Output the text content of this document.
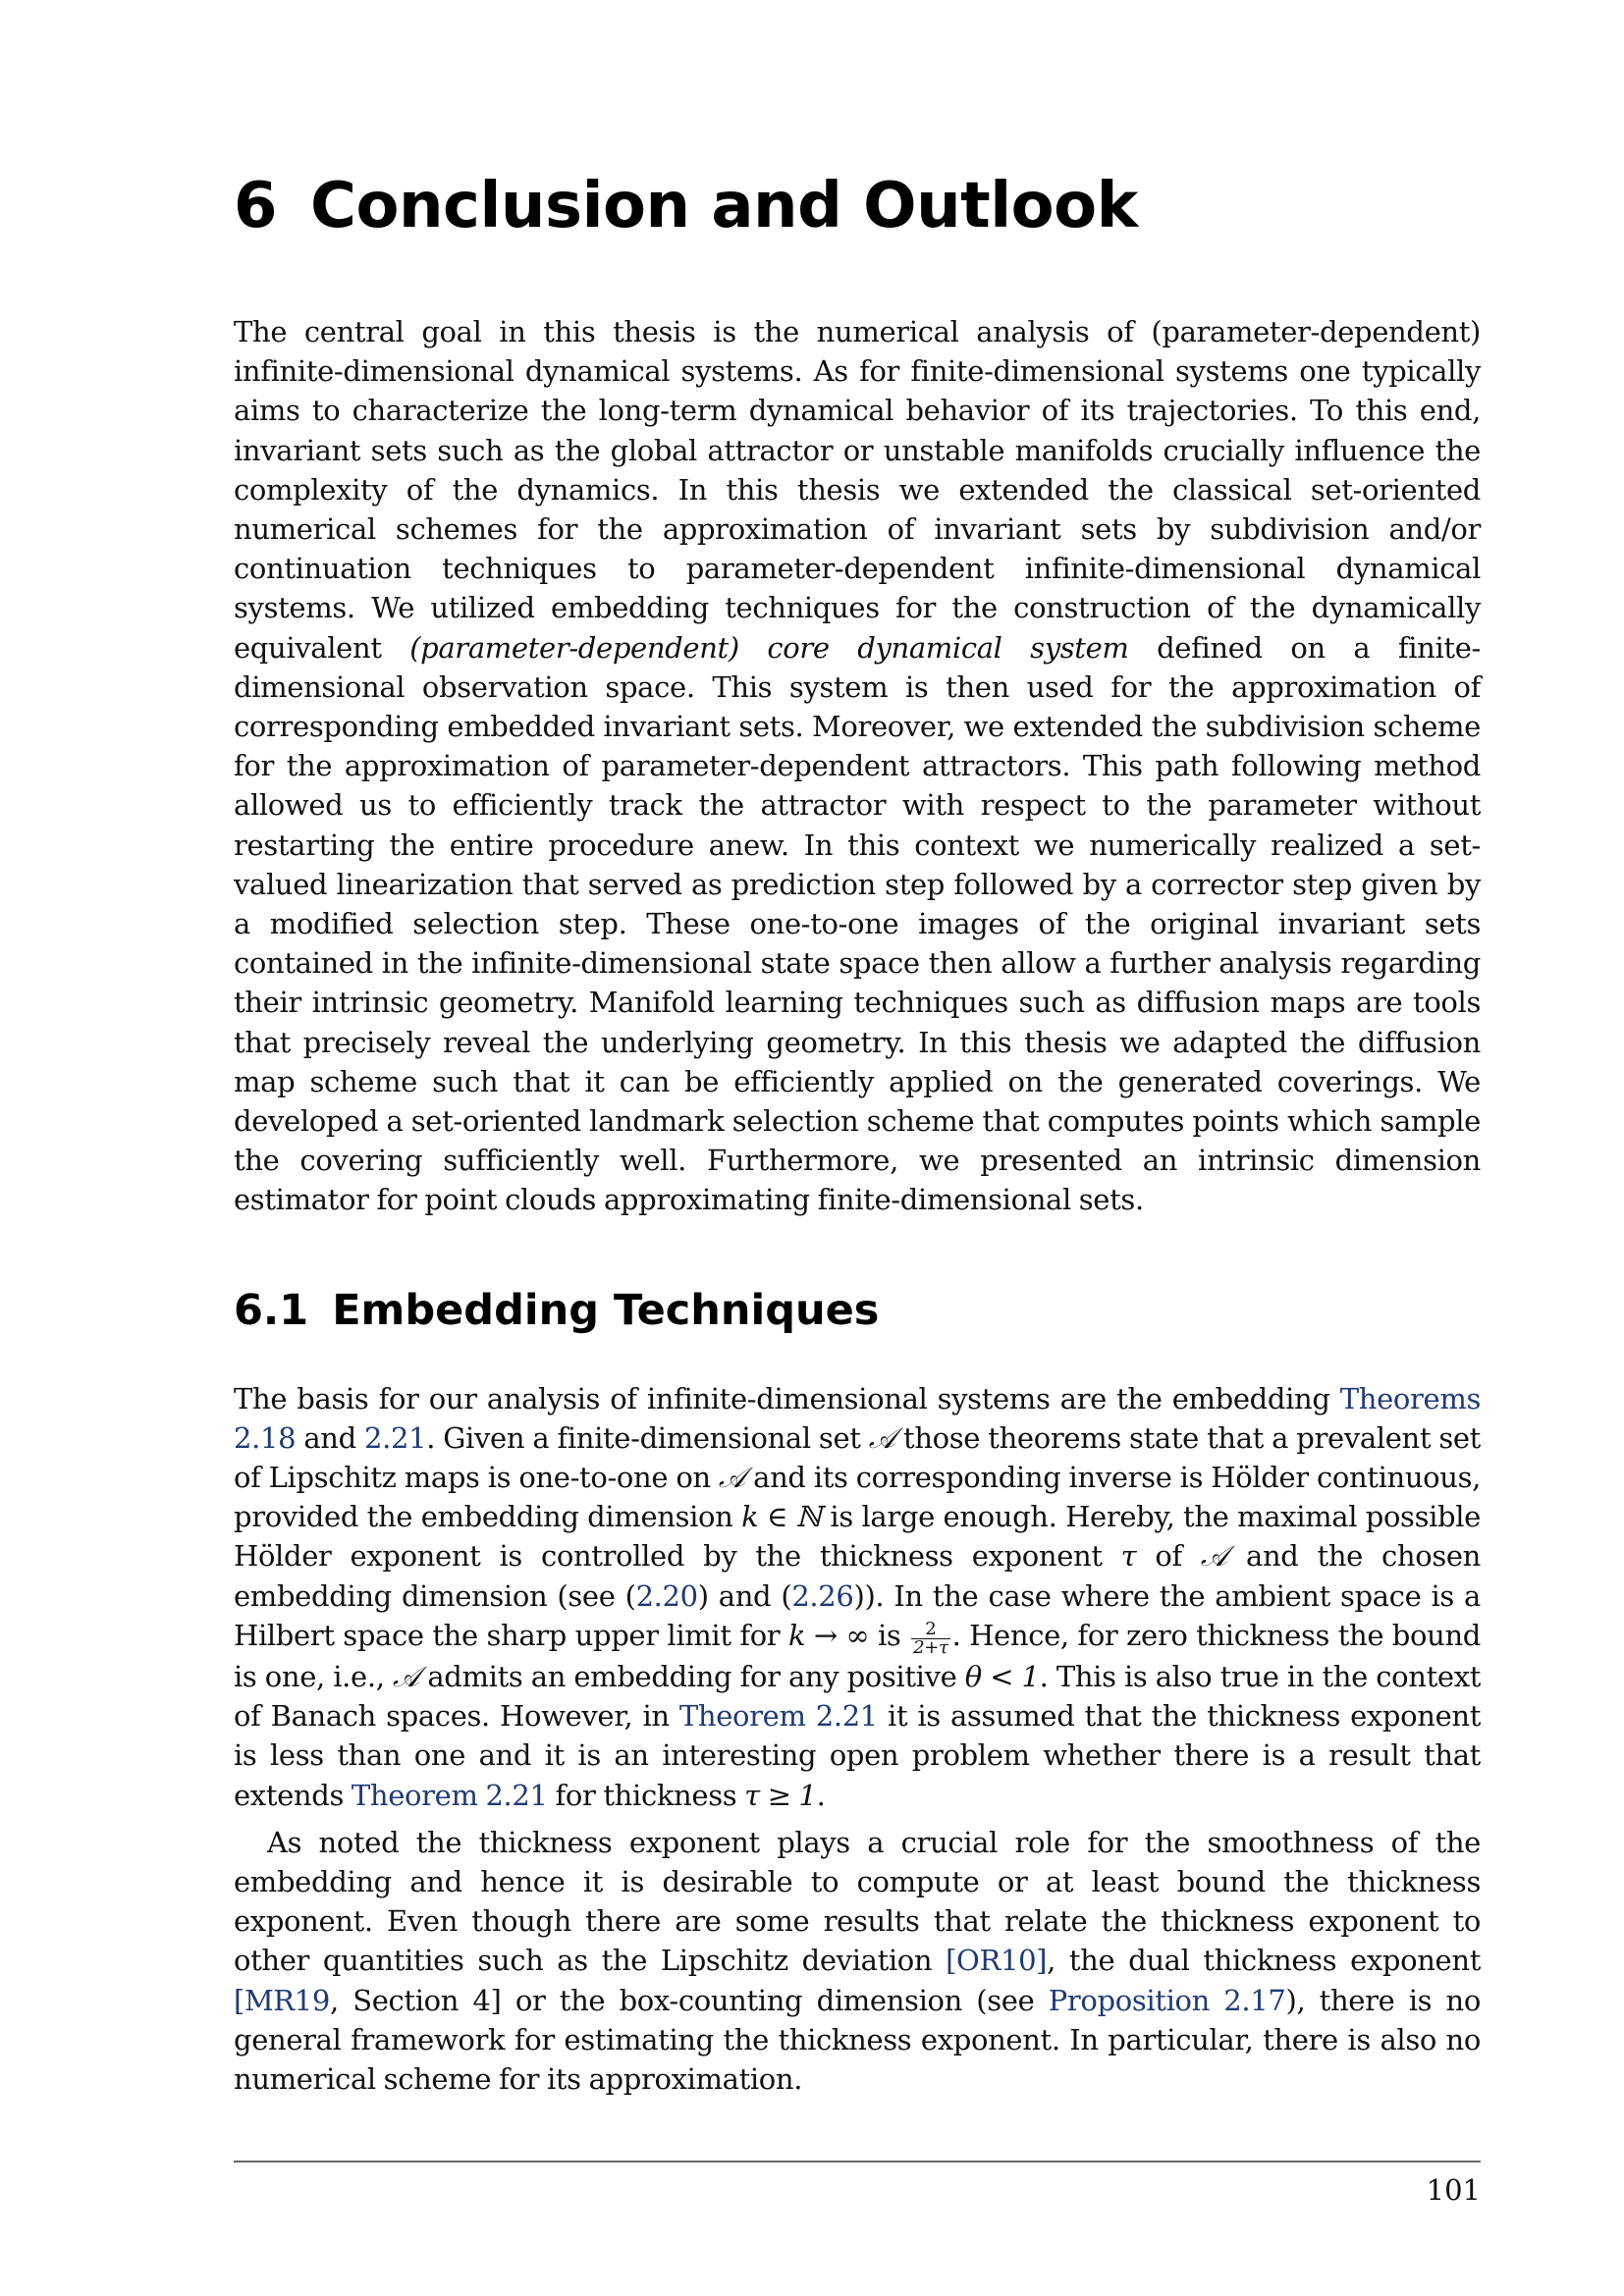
6 Conclusion and Outlook

The central goal in this thesis is the numerical analysis of (parameter-dependent) infinite-dimensional dynamical systems. As for finite-dimensional systems one typically aims to characterize the long-term dynamical behavior of its trajectories. To this end, invariant sets such as the global attractor or unstable manifolds crucially influence the complexity of the dynamics. In this thesis we extended the classical set-oriented numerical schemes for the approximation of invariant sets by subdivision and/or continuation techniques to parameter-dependent infinite-dimensional dynamical systems. We utilized embedding techniques for the construction of the dynamically equivalent (parameter-dependent) core dynamical system defined on a finite-dimensional observation space. This system is then used for the approximation of corresponding embedded invariant sets. Moreover, we extended the subdivision scheme for the approximation of parameter-dependent attractors. This path following method allowed us to efficiently track the attractor with respect to the parameter without restarting the entire procedure anew. In this context we numerically realized a set-valued linearization that served as prediction step followed by a corrector step given by a modified selection step. These one-to-one images of the original invariant sets contained in the infinite-dimensional state space then allow a further analysis regarding their intrinsic geometry. Manifold learning techniques such as diffusion maps are tools that precisely reveal the underlying geometry. In this thesis we adapted the diffusion map scheme such that it can be efficiently applied on the generated coverings. We developed a set-oriented landmark selection scheme that computes points which sample the covering sufficiently well. Furthermore, we presented an intrinsic dimension estimator for point clouds approximating finite-dimensional sets.

6.1 Embedding Techniques

The basis for our analysis of infinite-dimensional systems are the embedding Theorems 2.18 and 2.21. Given a finite-dimensional set 𝒜 those theorems state that a prevalent set of Lipschitz maps is one-to-one on 𝒜 and its corresponding inverse is Hölder continuous, provided the embedding dimension k ∈ ℕ is large enough. Hereby, the maximal possible Hölder exponent is controlled by the thickness exponent τ of 𝒜 and the chosen embedding dimension (see (2.20) and (2.26)). In the case where the ambient space is a Hilbert space the sharp upper limit for k → ∞ is $\frac{2}{2+\tau}$ . Hence, for zero thickness the bound is one, i.e., 𝒜 admits an embedding for any positive θ < 1. This is also true in the context of Banach spaces. However, in Theorem 2.21 it is assumed that the thickness exponent is less than one and it is an interesting open problem whether there is a result that extends Theorem 2.21 for thickness τ ≥ 1.

As noted the thickness exponent plays a crucial role for the smoothness of the embedding and hence it is desirable to compute or at least bound the thickness exponent. Even though there are some results that relate the thickness exponent to other quantities such as the Lipschitz deviation [OR10], the dual thickness exponent [MR19, Section 4] or the box-counting dimension (see Proposition 2.17), there is no general framework for estimating the thickness exponent. In particular, there is also no numerical scheme for its approximation.

101
